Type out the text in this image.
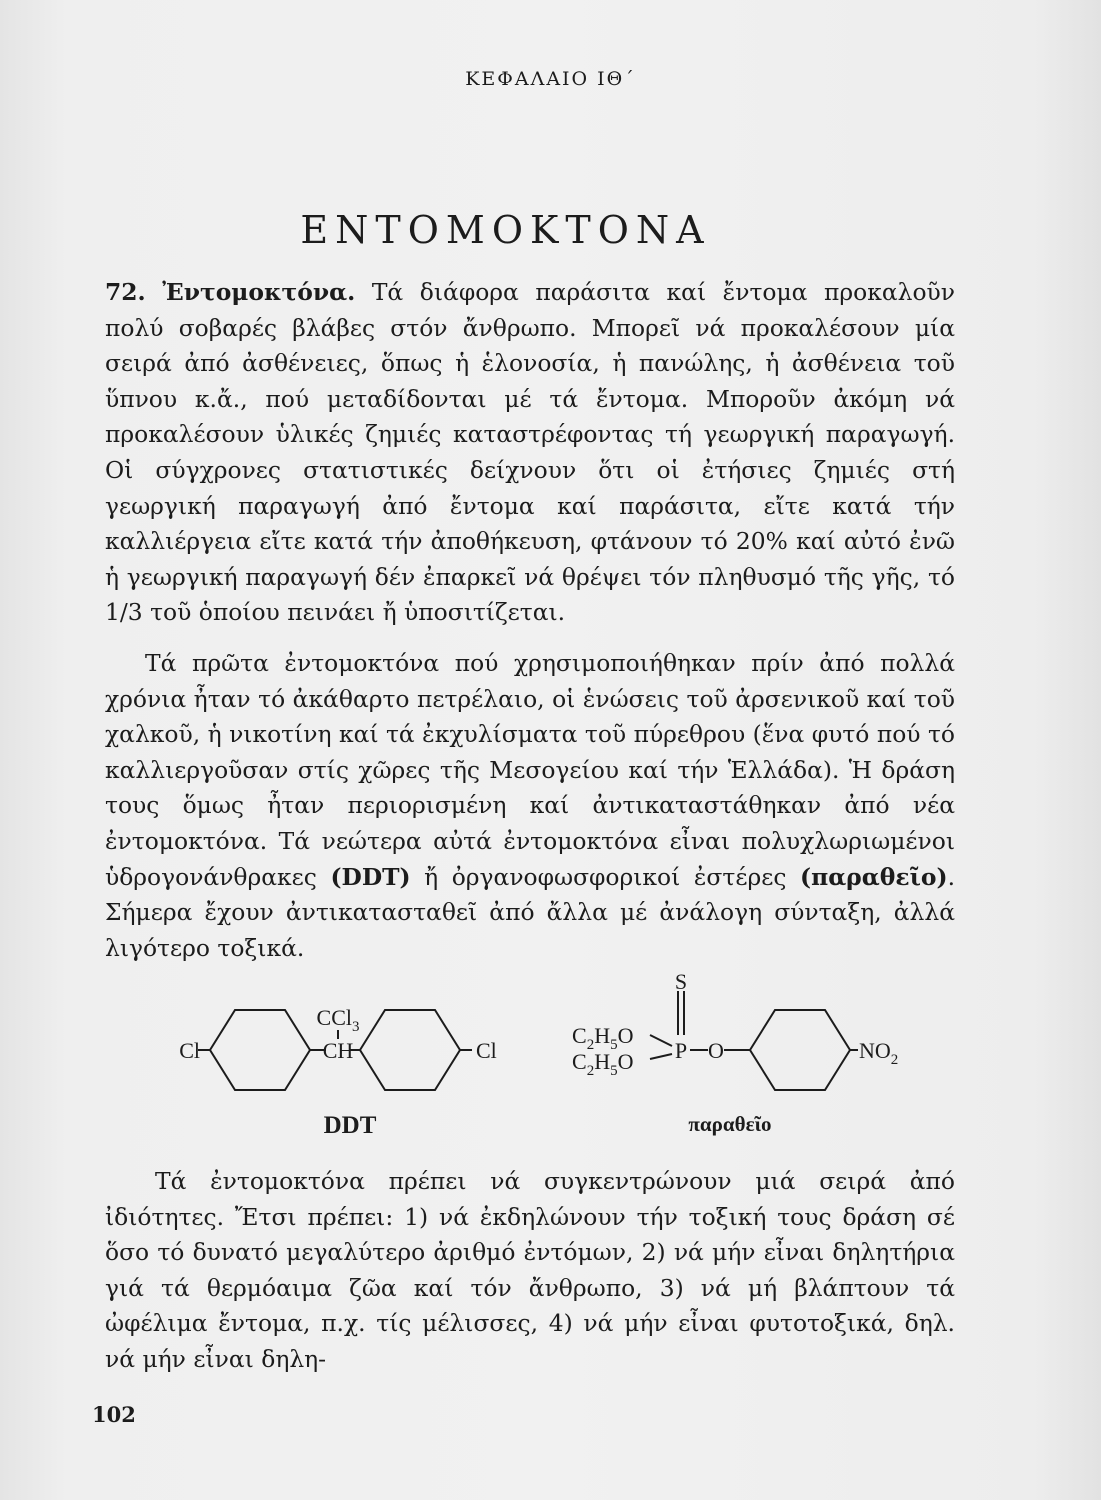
ΚΕΦΑΛΑΙΟ ΙΘ΄
ΕΝΤΟΜΟΚΤΟΝΑ

72. Ἐντομοκτόνα. Τά διάφορα παράσιτα καί ἔντομα προκαλοῦν πολύ σοβαρές βλάβες στόν ἄνθρωπο. Μπορεῖ νά προκαλέσουν μία σειρά ἀπό ἀσθένειες, ὅπως ἡ ἑλονοσία, ἡ πανώλης, ἡ ἀσθένεια τοῦ ὕπνου κ.ἄ., πού μεταδίδονται μέ τά ἔντομα. Μποροῦν ἀκόμη νά προκαλέσουν ὑλικές ζημιές καταστρέφοντας τή γεωργική παραγωγή. Οἱ σύγχρονες στατιστικές δείχνουν ὅτι οἱ ἐτήσιες ζημιές στή γεωργική παραγωγή ἀπό ἔντομα καί παράσιτα, εἴτε κατά τήν καλλιέργεια εἴτε κατά τήν ἀποθήκευση, φτάνουν τό 20% καί αὐτό ἐνῶ ἡ γεωργική παραγωγή δέν ἐπαρκεῖ νά θρέψει τόν πληθυσμό τῆς γῆς, τό 1/3 τοῦ ὁποίου πεινάει ἤ ὑποσιτίζεται.

Τά πρῶτα ἐντομοκτόνα πού χρησιμοποιήθηκαν πρίν ἀπό πολλά χρόνια ἦταν τό ἀκάθαρτο πετρέλαιο, οἱ ἑνώσεις τοῦ ἀρσενικοῦ καί τοῦ χαλκοῦ, ἡ νικοτίνη καί τά ἐκχυλίσματα τοῦ πύρεθρου (ἕνα φυτό πού τό καλλιεργοῦσαν στίς χῶρες τῆς Μεσογείου καί τήν Ἑλλάδα). Ἡ δράση τους ὅμως ἦταν περιορισμένη καί ἀντικαταστάθηκαν ἀπό νέα ἐντομοκτόνα. Τά νεώτερα αὐτά ἐντομοκτόνα εἶναι πολυχλωριωμένοι ὑδρογονάνθρακες (DDT) ἤ ὀργανοφωσφορικοί ἐστέρες (παραθεῖο). Σήμερα ἔχουν ἀντικατασταθεῖ ἀπό ἄλλα μέ ἀνάλογη σύνταξη, ἀλλά λιγότερο τοξικά.

Cl	CH
CCl$_3$
Cl
DDT
$C_2H_5O$
$C_2H_5O$
S
P O	$NO_2$
παραθεῖο

Τά ἐντομοκτόνα πρέπει νά συγκεντρώνουν μιά σειρά ἀπό ἰδιότητες. Ἔτσι πρέπει: 1) νά ἐκδηλώνουν τήν τοξική τους δράση σέ ὅσο τό δυνατό μεγαλύτερο ἀριθμό ἐντόμων, 2) νά μήν εἶναι δηλητήρια γιά τά θερμόαιμα ζῶα καί τόν ἄνθρωπο, 3) νά μή βλάπτουν τά ὠφέλιμα ἔντομα, π.χ. τίς μέλισσες, 4) νά μήν εἶναι φυτοτοξικά, δηλ. νά μήν εἶναι δηλη-

102
